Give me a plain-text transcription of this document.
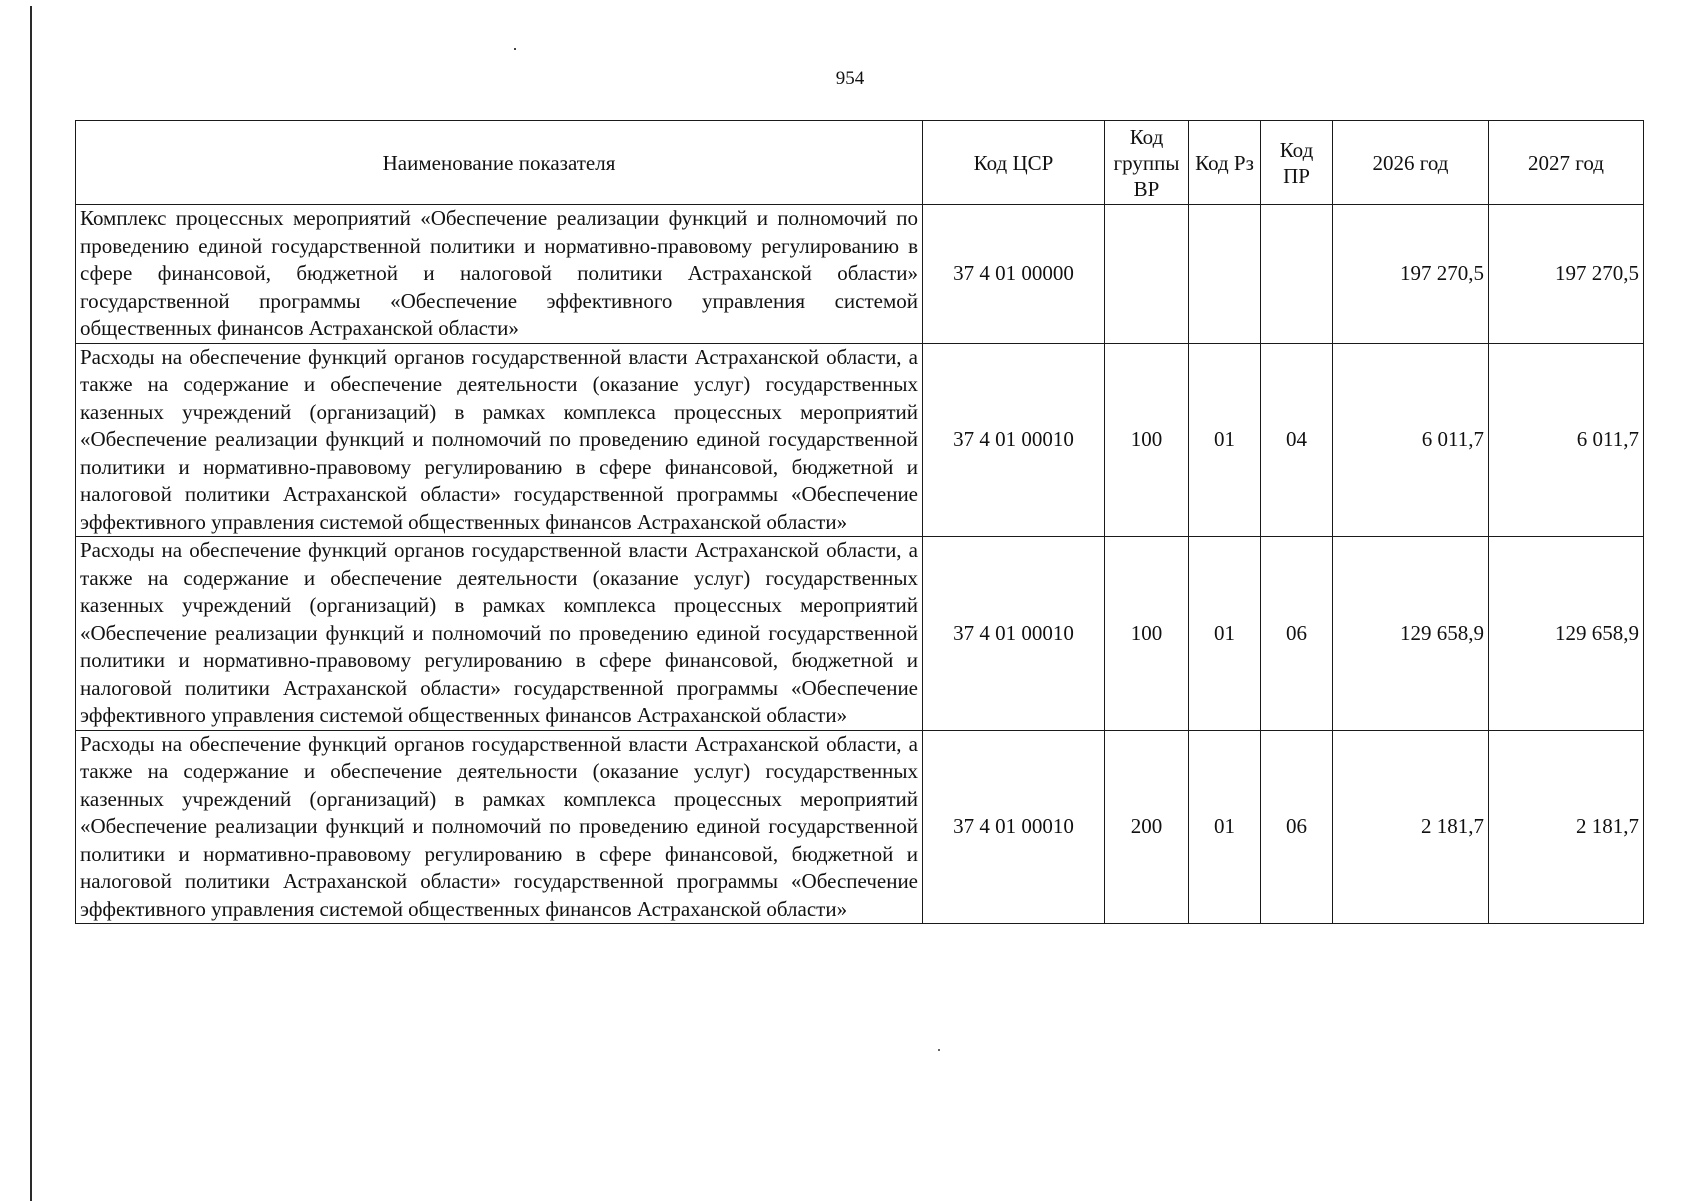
954
Наименование показателя	Код ЦСР	Код группы ВР	Код Рз	Код ПР	2026 год	2027 год
Комплекс процессных мероприятий «Обеспечение реализации функций и полномочий по проведению единой государственной политики и нормативно-правовому регулированию в сфере финансовой, бюджетной и налоговой политики Астраханской области» государственной программы «Обеспечение эффективного управления системой общественных финансов Астраханской области»	37 4 01 00000				197 270,5	197 270,5
Расходы на обеспечение функций органов государственной власти Астраханской области, а также на содержание и обеспечение деятельности (оказание услуг) государственных казенных учреждений (организаций) в рамках комплекса процессных мероприятий «Обеспечение реализации функций и полномочий по проведению единой государственной политики и нормативно-правовому регулированию в сфере финансовой, бюджетной и налоговой политики Астраханской области» государственной программы «Обеспечение эффективного управления системой общественных финансов Астраханской области»	37 4 01 00010	100	01	04	6 011,7	6 011,7
Расходы на обеспечение функций органов государственной власти Астраханской области, а также на содержание и обеспечение деятельности (оказание услуг) государственных казенных учреждений (организаций) в рамках комплекса процессных мероприятий «Обеспечение реализации функций и полномочий по проведению единой государственной политики и нормативно-правовому регулированию в сфере финансовой, бюджетной и налоговой политики Астраханской области» государственной программы «Обеспечение эффективного управления системой общественных финансов Астраханской области»	37 4 01 00010	100	01	06	129 658,9	129 658,9
Расходы на обеспечение функций органов государственной власти Астраханской области, а также на содержание и обеспечение деятельности (оказание услуг) государственных казенных учреждений (организаций) в рамках комплекса процессных мероприятий «Обеспечение реализации функций и полномочий по проведению единой государственной политики и нормативно-правовому регулированию в сфере финансовой, бюджетной и налоговой политики Астраханской области» государственной программы «Обеспечение эффективного управления системой общественных финансов Астраханской области»	37 4 01 00010	200	01	06	2 181,7	2 181,7
